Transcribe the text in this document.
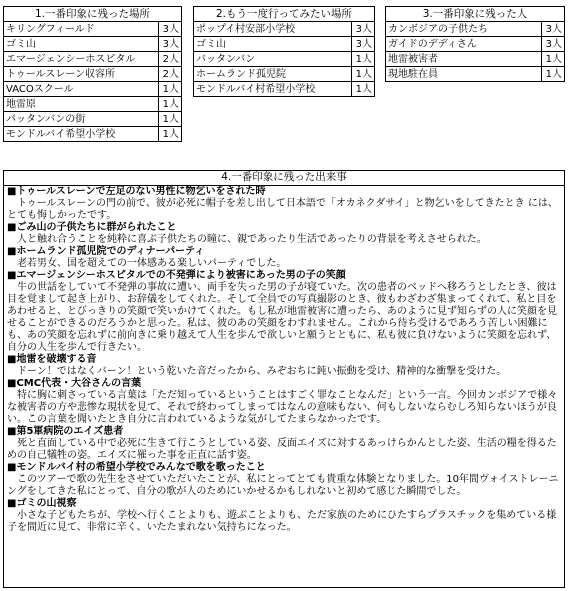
1.一番印象に残った場所	
キリングフィールド	3人
ゴミ山	3人
エマージェンシーホスピタル	2人
トゥールスレーン収容所	2人
VACOスクール	1人
地雷原	1人
パッタンバンの街	1人
モンドルバイ希望小学校	1人
2.もう一度行ってみたい場所	
ポップイ村安部小学校	3人
ゴミ山	3人
バッタンバン	1人
ホームランド孤児院	1人
モンドルバイ村希望小学校	1人
3.一番印象に残った人	
カンボジアの子供たち	3人
ガイドのデディさん	3人
地雷被害者	1人
現地駐在員	1人
4.一番印象に残った出来事
■トゥールスレーンで左足のない男性に物乞いをされた時

トゥールスレーンの門の前で、彼が必死に帽子を差し出して日本語で「オカネクダサイ」と物乞いをしてきたとき には、とても悔しかったです。

■ごみ山の子供たちに群がられたこと

人と触れ合うことを純粋に喜ぶ子供たちの瞳に、親であったり生活であったりの背景を考えさせられた。

■ホームランド孤児院でのディナーパーティ

老若男女、国を超えての一体感ある楽しいパーティでした。

■エマージェンシーホスピタルでの不発弾により被害にあった男の子の笑顔

牛の世話をしていて不発弾の事故に遭い、両手を失った男の子が寝ていた。次の患者のベッドへ移ろうとしたとき、彼は目を覚まして起き上がり、お辞儀をしてくれた。そして全員での写真撮影のとき、彼もわざわざ集まってくれて、私と目をあわせると、とびっきりの笑顔で笑いかけてくれた。もし私が地雷被害に遭ったら、あのように見ず知らずの人に笑顔を見せることができるのだろうかと思った。私は、彼のあの笑顔をわすれません。これから待ち受けるであろう苦しい困難にも、あの笑顔を忘れずに前向きに乗り越えて人生を歩んで欲しいと願うとともに、私も彼に負けないように笑顔を忘れず、自分の人生を歩んで行きたい。

■地雷を破壊する音

ドーン！ではなくバーン！という乾いた音だったから、みぞおちに鈍い振動を受け、精神的な衝撃を受けた。

■CMC代表・大谷さんの言葉

特に胸に刺さっている言葉は「ただ知っているということはすごく罪なことなんだ」という一言。今回カンボジアで様々な被害者の方や悲惨な現状を見て、それで終わってしまってはなんの意味もない、何もしないならむしろ知らないほうが良い。この言葉を聞いたとき自分に言われているような気がしてたまらなかったです。

■第5軍病院のエイズ患者

死と直面している中で必死に生きて行こうとしている姿、反面エイズに対するあっけらかんとした姿、生活の糧を得るための自己犠牲の姿。エイズに罹った事を正直に話す姿。

■モンドルバイ村の希望小学校でみんなで歌を歌ったこと

このツアーで歌の先生をさせていただいたことが、私にとってとても貴重な体験となりました。10年間ヴォイストレーニングをしてきた私にとって、自分の歌が人のためにいかせるかもしれないと初めて感じた瞬間でした。

■ゴミの山視察

小さな子どもたちが、学校へ行くことよりも、遊ぶことよりも、ただ家族のためにひたすらプラスチックを集めている様子を間近に見て、非常に辛く、いたたまれない気持ちになった。
